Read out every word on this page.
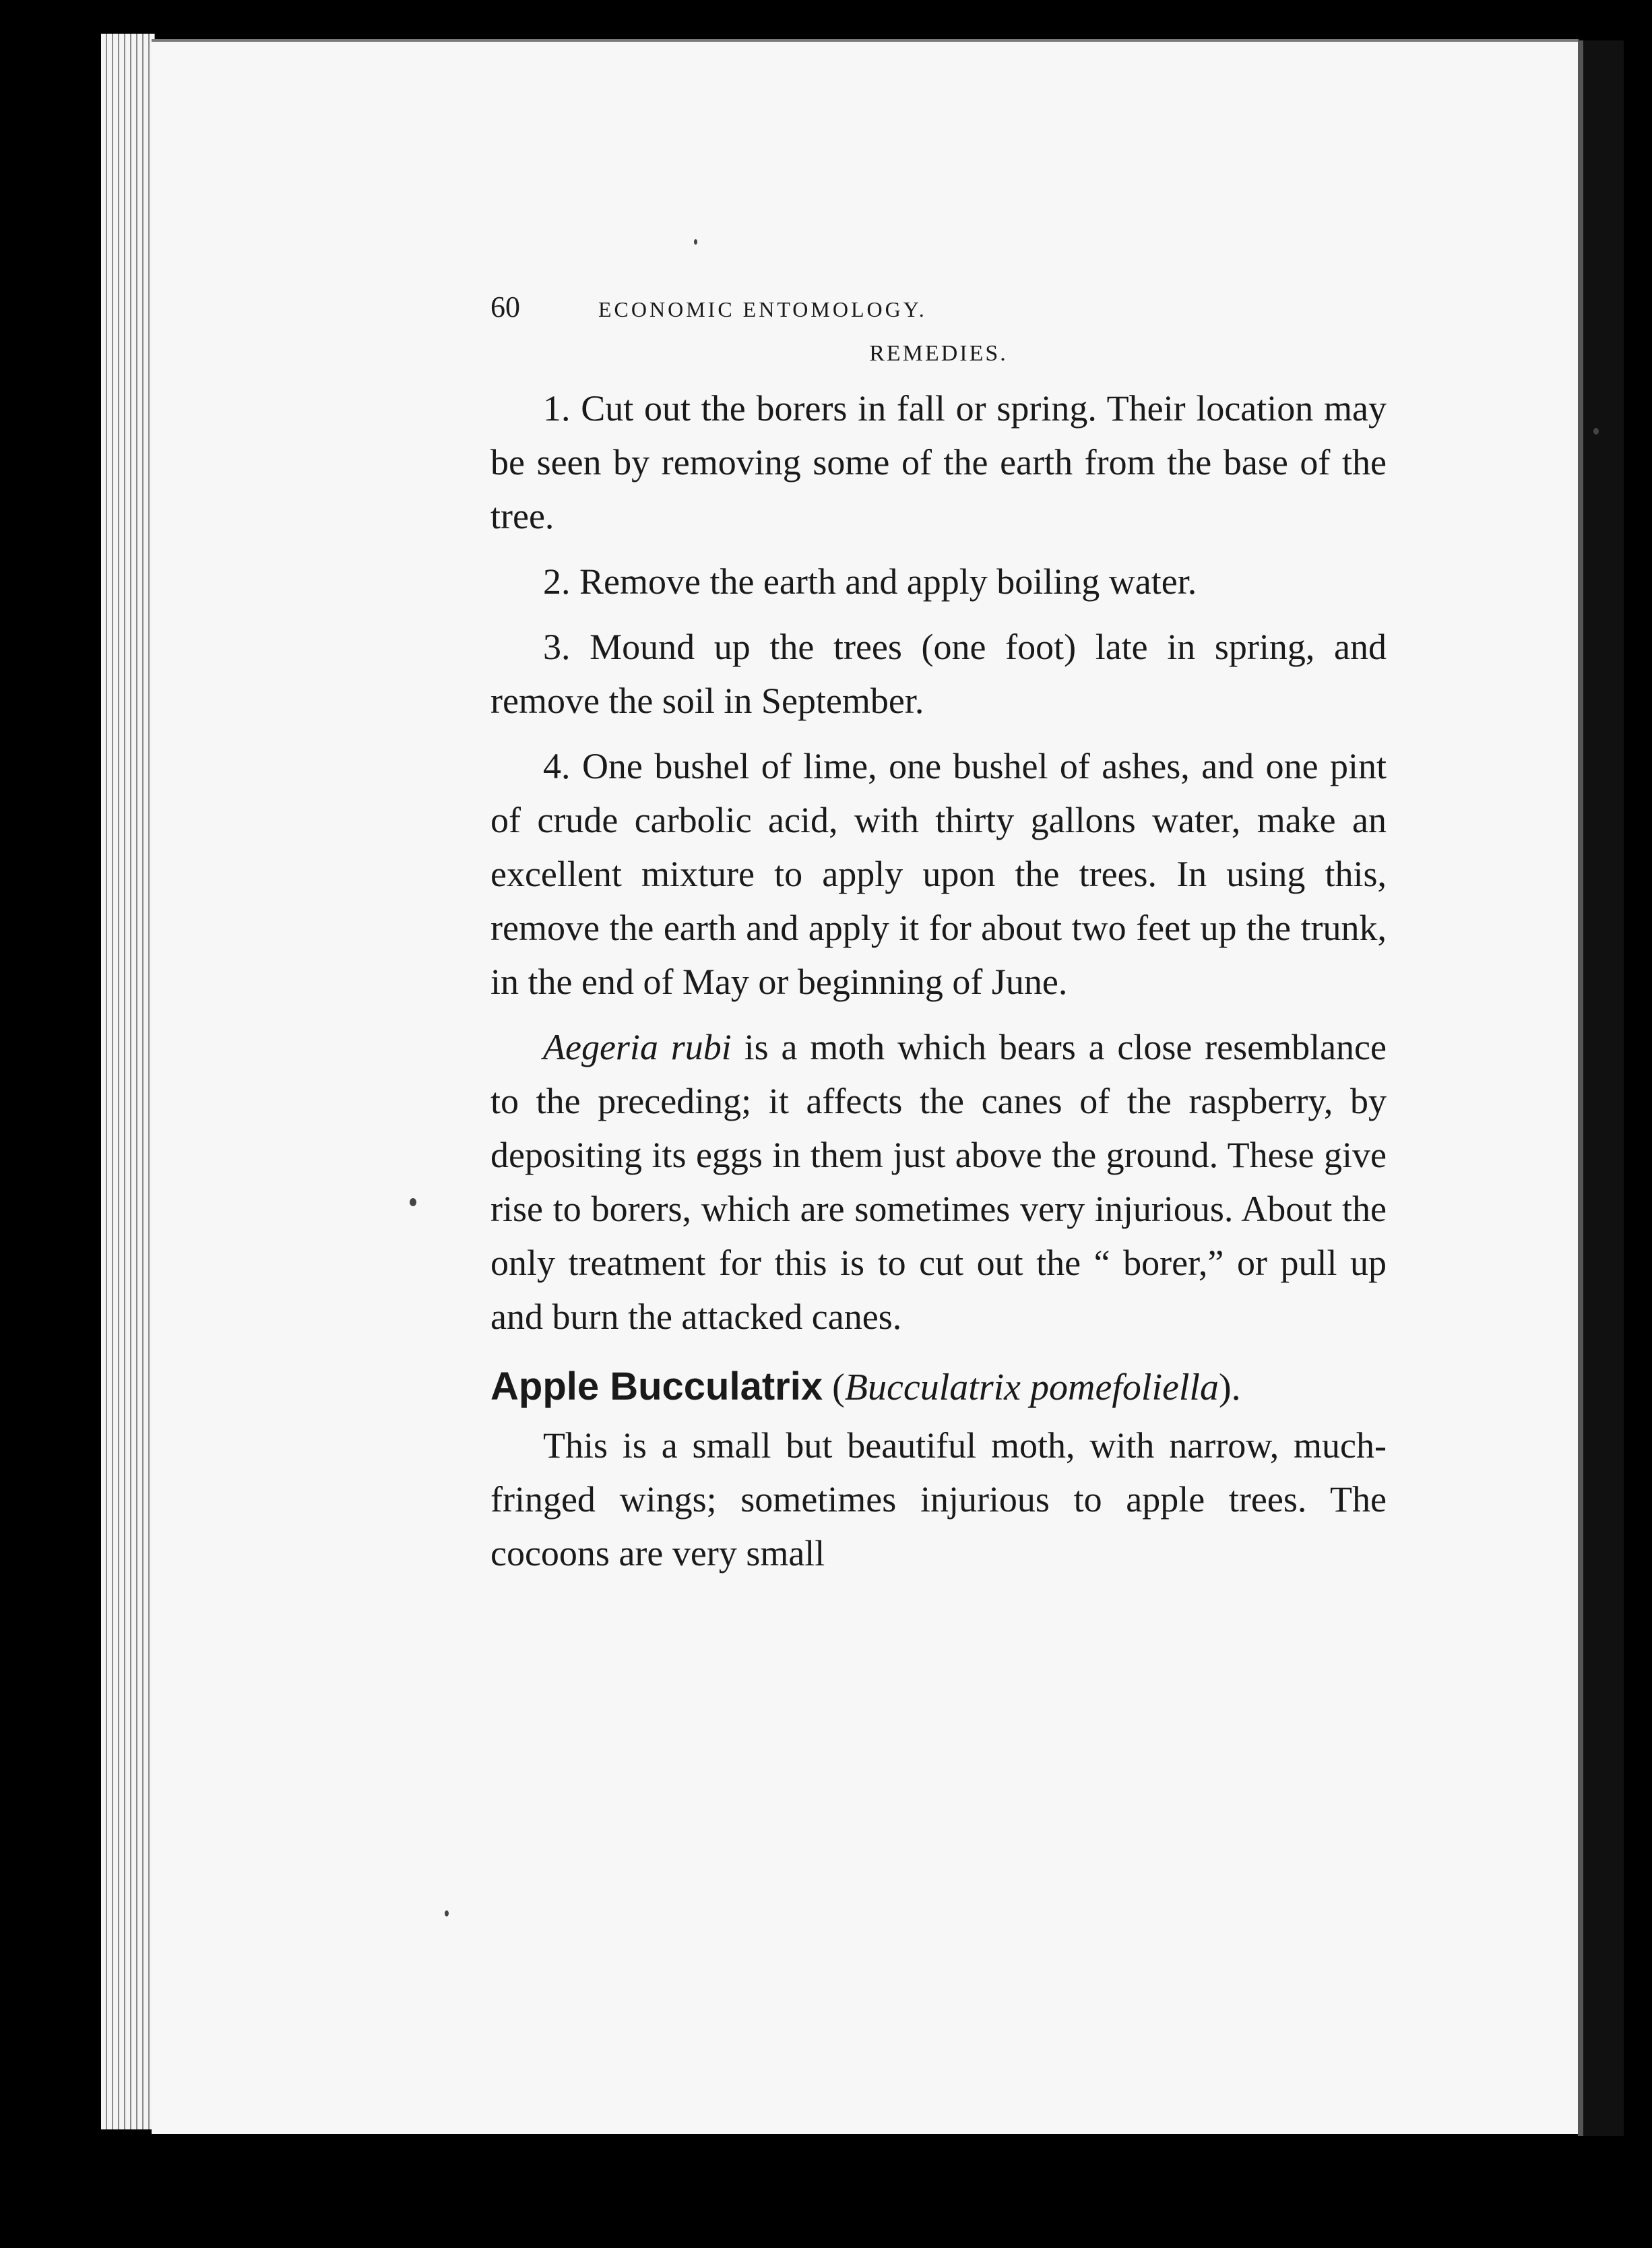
60	ECONOMIC ENTOMOLOGY.
REMEDIES.

1. Cut out the borers in fall or spring. Their location may be seen by removing some of the earth from the base of the tree.

2. Remove the earth and apply boiling water.

3. Mound up the trees (one foot) late in spring, and remove the soil in September.

4. One bushel of lime, one bushel of ashes, and one pint of crude carbolic acid, with thirty gallons water, make an excellent mixture to apply upon the trees. In using this, remove the earth and apply it for about two feet up the trunk, in the end of May or beginning of June.

Aegeria rubi is a moth which bears a close resemblance to the preceding; it affects the canes of the raspberry, by depositing its eggs in them just above the ground. These give rise to borers, which are sometimes very injurious. About the only treatment for this is to cut out the “ borer,” or pull up and burn the attacked canes.

Apple Bucculatrix (Bucculatrix pomefoliella).

This is a small but beautiful moth, with narrow, much-fringed wings; sometimes injurious to apple trees. The cocoons are very small
